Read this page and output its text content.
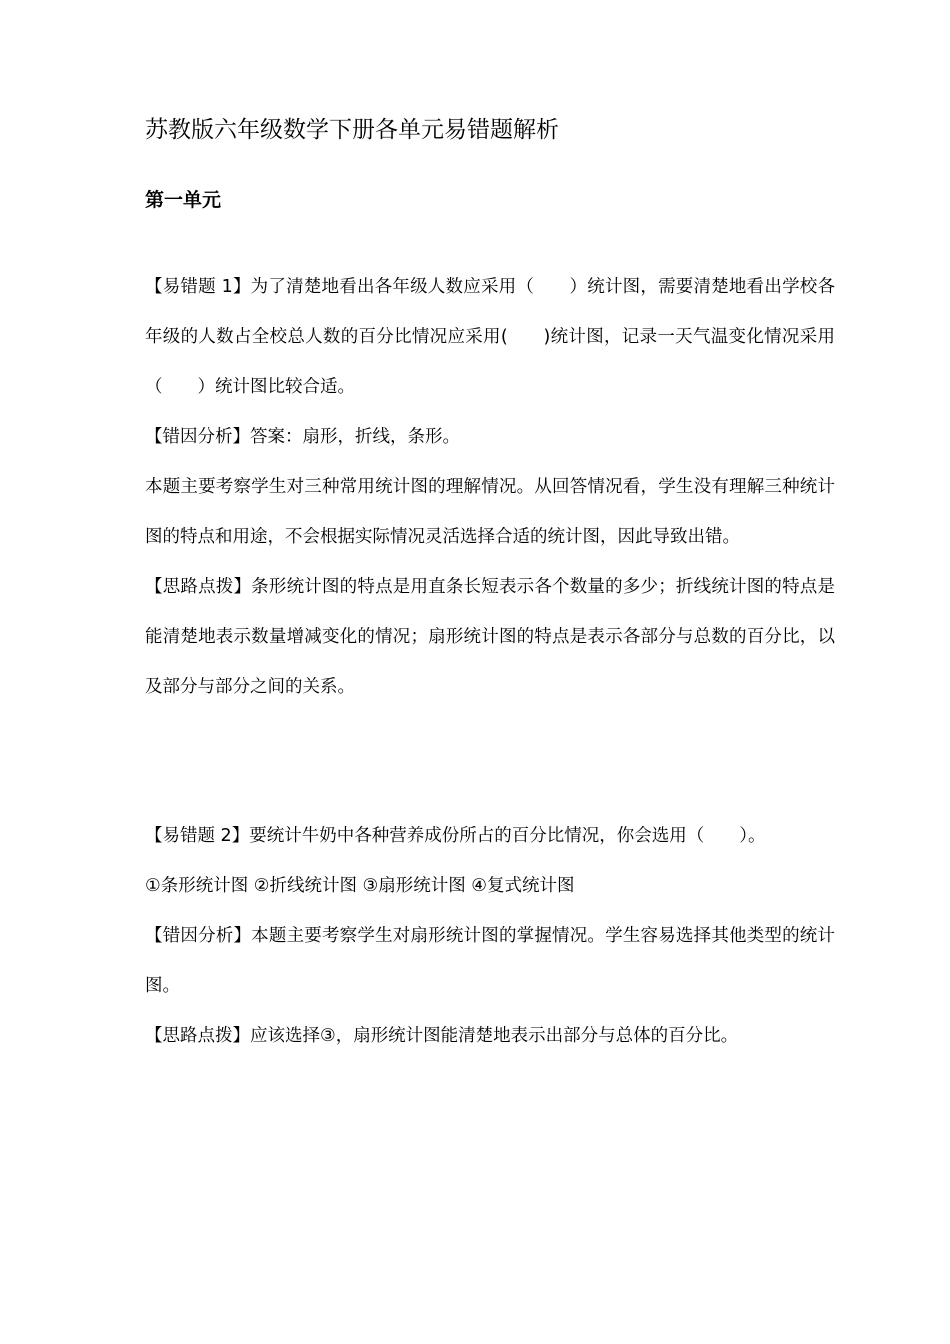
苏教版六年级数学下册各单元易错题解析
第一单元

【易错题 1】为了清楚地看出各年级人数应采用（　　）统计图，需要清楚地看出学校各年级的人数占全校总人数的百分比情况应采用(　　)统计图，记录一天气温变化情况采用（　　）统计图比较合适。

【错因分析】答案：扇形，折线，条形。

本题主要考察学生对三种常用统计图的理解情况。从回答情况看，学生没有理解三种统计图的特点和用途，不会根据实际情况灵活选择合适的统计图，因此导致出错。

【思路点拨】条形统计图的特点是用直条长短表示各个数量的多少；折线统计图的特点是能清楚地表示数量增减变化的情况；扇形统计图的特点是表示各部分与总数的百分比，以及部分与部分之间的关系。

【易错题 2】要统计牛奶中各种营养成份所占的百分比情况，你会选用（　　）。

①条形统计图 ②折线统计图 ③扇形统计图 ④复式统计图

【错因分析】本题主要考察学生对扇形统计图的掌握情况。学生容易选择其他类型的统计图。

【思路点拨】应该选择③，扇形统计图能清楚地表示出部分与总体的百分比。
